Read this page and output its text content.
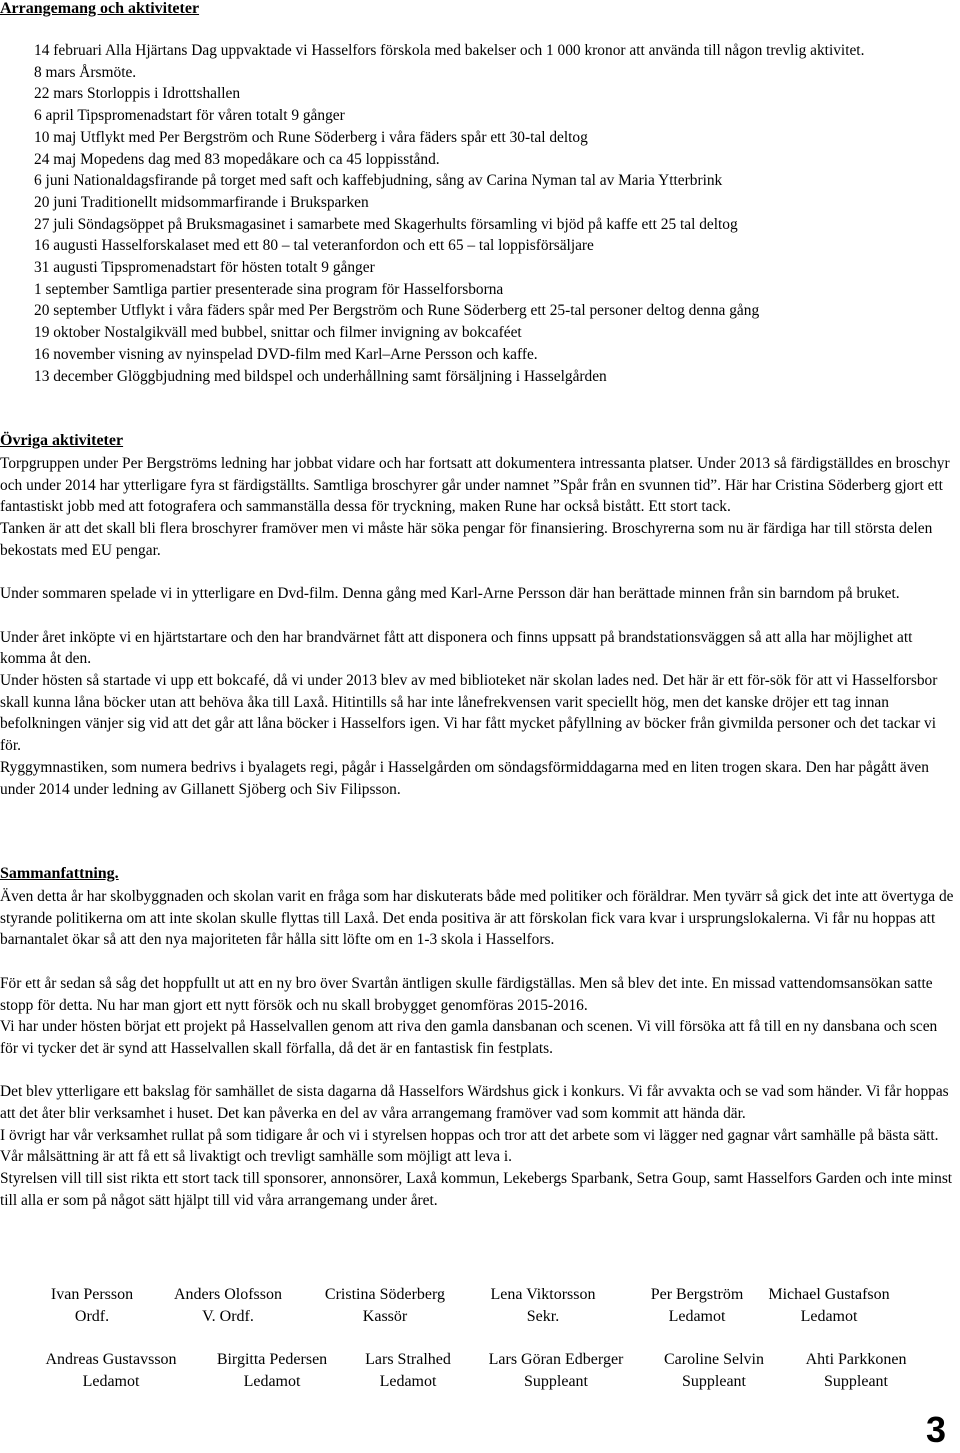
Arrangemang och aktiviteter
14 februari Alla Hjärtans Dag uppvaktade vi Hasselfors förskola med bakelser och 1 000 kronor att använda till någon trevlig aktivitet.
8 mars Årsmöte.
22 mars Storloppis i Idrottshallen
6 april Tipspromenadstart för våren totalt 9 gånger
10 maj Utflykt med Per Bergström och Rune Söderberg i våra fäders spår ett 30-tal deltog
24 maj Mopedens dag med 83 mopedåkare och ca 45 loppisstånd.
6 juni Nationaldagsfirande på torget med saft och kaffebjudning, sång av Carina Nyman tal av Maria Ytterbrink
20 juni Traditionellt midsommarfirande i Bruksparken
27 juli Söndagsöppet på Bruksmagasinet i samarbete med Skagerhults församling vi bjöd på kaffe ett 25 tal deltog
16 augusti Hasselforskalaset med ett 80 – tal veteranfordon och ett 65 – tal loppisförsäljare
31 augusti Tipspromenadstart för hösten totalt 9 gånger
1 september Samtliga partier presenterade sina program för Hasselforsborna
20 september Utflykt i våra fäders spår med Per Bergström och Rune Söderberg ett 25-tal personer deltog denna gång
19 oktober Nostalgikväll med bubbel, snittar och filmer invigning av bokcaféet
16 november visning av nyinspelad DVD-film med Karl–Arne Persson och kaffe.
13 december Glöggbjudning med bildspel och underhållning samt försäljning i Hasselgården
Övriga aktiviteter

Torpgruppen under Per Bergströms ledning har jobbat vidare och har fortsatt att dokumentera intressanta platser. Under 2013 så färdigställdes en broschyr och under 2014 har ytterligare fyra st färdigställts. Samtliga broschyrer går under namnet ”Spår från en svunnen tid”. Här har Cristina Söderberg gjort ett fantastiskt jobb med att fotografera och sammanställa dessa för tryckning, maken Rune har också bistått. Ett stort tack.

Tanken är att det skall bli flera broschyrer framöver men vi måste här söka pengar för finansiering. Broschyrerna som nu är färdiga har till största delen bekostats med EU pengar.

Under sommaren spelade vi in ytterligare en Dvd-film. Denna gång med Karl-Arne Persson där han berättade minnen från sin barndom på bruket.

Under året inköpte vi en hjärtstartare och den har brandvärnet fått att disponera och finns uppsatt på brandstationsväggen så att alla har möjlighet att komma åt den.

Under hösten så startade vi upp ett bokcafé, då vi under 2013 blev av med biblioteket när skolan lades ned. Det här är ett för-sök för att vi Hasselforsbor skall kunna låna böcker utan att behöva åka till Laxå. Hitintills så har inte lånefrekvensen varit speciellt hög, men det kanske dröjer ett tag innan befolkningen vänjer sig vid att det går att låna böcker i Hasselfors igen. Vi har fått mycket påfyllning av böcker från givmilda personer och det tackar vi för.

Ryggymnastiken, som numera bedrivs i byalagets regi, pågår i Hasselgården om söndagsförmiddagarna med en liten trogen skara. Den har pågått även under 2014 under ledning av Gillanett Sjöberg och Siv Filipsson.

Sammanfattning.

Även detta år har skolbyggnaden och skolan varit en fråga som har diskuterats både med politiker och föräldrar. Men tyvärr så gick det inte att övertyga de styrande politikerna om att inte skolan skulle flyttas till Laxå. Det enda positiva är att förskolan fick vara kvar i ursprungslokalerna. Vi får nu hoppas att barnantalet ökar så att den nya majoriteten får hålla sitt löfte om en 1-3 skola i Hasselfors.

För ett år sedan så såg det hoppfullt ut att en ny bro över Svartån äntligen skulle färdigställas. Men så blev det inte. En missad vattendomsansökan satte stopp för detta. Nu har man gjort ett nytt försök och nu skall brobygget genomföras 2015-2016.

Vi har under hösten börjat ett projekt på Hasselvallen genom att riva den gamla dansbanan och scenen. Vi vill försöka att få till en ny dansbana och scen för vi tycker det är synd att Hasselvallen skall förfalla, då det är en fantastisk fin festplats.

Det blev ytterligare ett bakslag för samhället de sista dagarna då Hasselfors Wärdshus gick i konkurs. Vi får avvakta och se vad som händer. Vi får hoppas att det åter blir verksamhet i huset. Det kan påverka en del av våra arrangemang framöver vad som kommit att hända där.

I övrigt har vår verksamhet rullat på som tidigare år och vi i styrelsen hoppas och tror att det arbete som vi lägger ned gagnar vårt samhälle på bästa sätt. Vår målsättning är att få ett så livaktigt och trevligt samhälle som möjligt att leva i.

Styrelsen vill till sist rikta ett stort tack till sponsorer, annonsörer, Laxå kommun, Lekebergs Sparbank, Setra Goup, samt Hasselfors Garden och inte minst till alla er som på något sätt hjälpt till vid våra arrangemang under året.

Ivan Persson
Ordf.
Anders Olofsson
V. Ordf.
Cristina Söderberg
Kassör
Lena Viktorsson
Sekr.
Per Bergström
Ledamot
Michael Gustafson
Ledamot
Andreas Gustavsson
Ledamot
Birgitta Pedersen
Ledamot
Lars Stralhed
Ledamot
Lars Göran Edberger
Suppleant
Caroline Selvin
Suppleant
Ahti Parkkonen
Suppleant
3
